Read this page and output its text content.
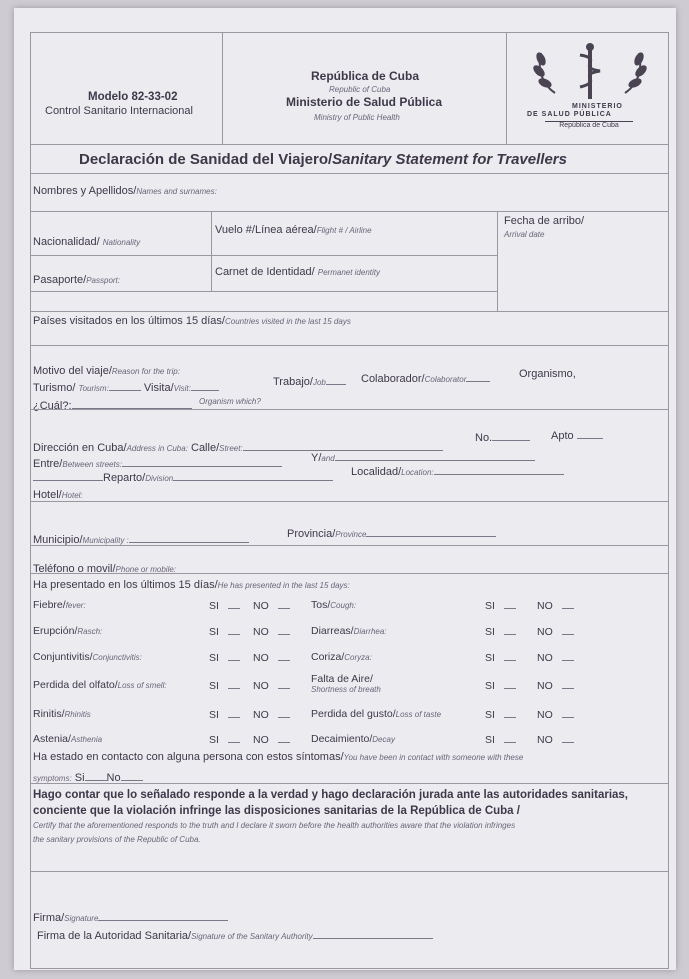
Modelo 82-33-02
Control Sanitario Internacional
República de Cuba
Republic of Cuba
Ministerio de Salud Pública
Ministry of Public Health
MINISTERIO
DE SALUD PÚBLICA
República de Cuba
Declaración de Sanidad del Viajero/Sanitary Statement for Travellers
Nombres y Apellidos/Names and surnames:
Nacionalidad/ Nationality
Vuelo #/Línea aérea/Flight # / Airline
Fecha de arribo/
Arrival date
Pasaporte/Passport:
Carnet de Identidad/ Permanet identity
Países visitados en los últimos 15 días/Countries visited in the last 15 days
Motivo del viaje/Reason for the trip:
Turismo/ Tourism:	Visita/Visit:
Trabajo/Job	Colaborador/Colaborator	Organismo,
¿Cuál?:	Organism which?
Dirección en Cuba/Address in Cuba: Calle/Street:
No.	Apto
Entre/Between streets:
Y/and
Reparto/Division
Localidad/Location:
Hotel/Hotel:
Municipio/Municipality :
Provincia/Province
Teléfono o movil/Phone or mobile:
Ha presentado en los últimos 15 días/He has presented in the last 15 days:
Fiebre/fever:	SI	NO
Erupción/Rasch:	SI	NO
Conjuntivitis/Conjunctivitis:	SI	NO
Perdida del olfato/Loss of smell:	SI	NO
Rinitis/Rhinitis	SI	NO
Astenia/Asthenia	SI	NO
Tos/Cough:	SI	NO
Diarreas/Diarrhea:	SI	NO
Coriza/Coryza:	SI	NO
Falta de Aire/
Shortness of breath	SI	NO
Perdida del gusto/Loss of taste	SI	NO
Decaimiento/Decay	SI	NO
Ha estado en contacto con alguna persona con estos síntomas/You have been in contact with someone with these
symptoms: Si No
Hago contar que lo señalado responde a la verdad y hago declaración jurada ante las autoridades sanitarias,
conciente que la violación infringe las disposiciones sanitarias de la República de Cuba /
Certify that the aforementioned responds to the truth and I declare it sworn before the health authorities aware that the violation infringes
the sanitary provisions of the Republic of Cuba.
Firma/Signature
Firma de la Autoridad Sanitaria/Signature of the Sanitary Authority
